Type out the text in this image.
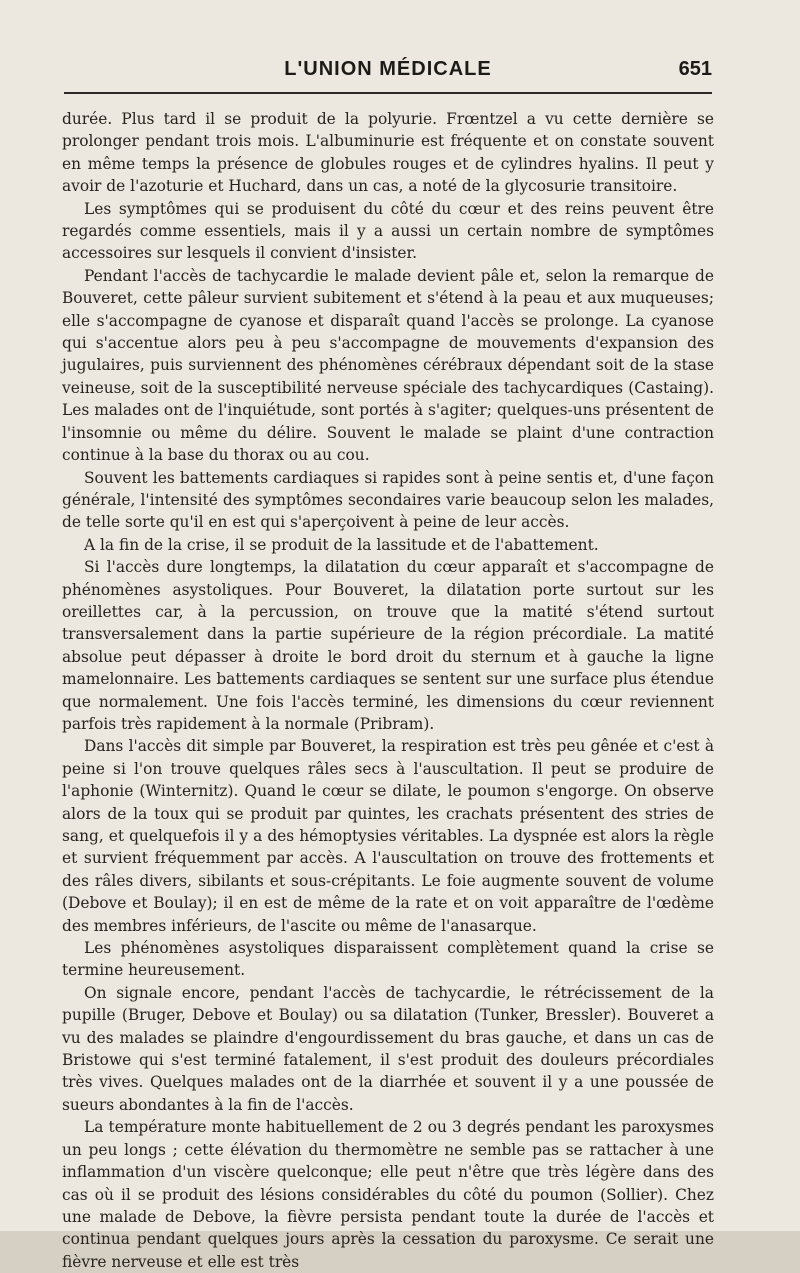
L'UNION MÉDICALE	651

durée. Plus tard il se produit de la polyurie. Frœntzel a vu cette dernière se prolonger pendant trois mois. L'albuminurie est fréquente et on constate souvent en même temps la présence de globules rouges et de cylindres hyalins. Il peut y avoir de l'azoturie et Huchard, dans un cas, a noté de la glycosurie transitoire.

Les symptômes qui se produisent du côté du cœur et des reins peuvent être regardés comme essentiels, mais il y a aussi un certain nombre de symptômes accessoires sur lesquels il convient d'insister.

Pendant l'accès de tachycardie le malade devient pâle et, selon la remarque de Bouveret, cette pâleur survient subitement et s'étend à la peau et aux muqueuses; elle s'accompagne de cyanose et disparaît quand l'accès se prolonge. La cyanose qui s'accentue alors peu à peu s'accompagne de mouvements d'expansion des jugulaires, puis surviennent des phénomènes cérébraux dépendant soit de la stase veineuse, soit de la susceptibilité nerveuse spéciale des tachycardiques (Castaing). Les malades ont de l'inquiétude, sont portés à s'agiter; quelques-uns présentent de l'insomnie ou même du délire. Souvent le malade se plaint d'une contraction continue à la base du thorax ou au cou.

Souvent les battements cardiaques si rapides sont à peine sentis et, d'une façon générale, l'intensité des symptômes secondaires varie beaucoup selon les malades, de telle sorte qu'il en est qui s'aperçoivent à peine de leur accès.

A la fin de la crise, il se produit de la lassitude et de l'abattement.

Si l'accès dure longtemps, la dilatation du cœur apparaît et s'accompagne de phénomènes asystoliques. Pour Bouveret, la dilatation porte surtout sur les oreillettes car, à la percussion, on trouve que la matité s'étend surtout transversalement dans la partie supérieure de la région précordiale. La matité absolue peut dépasser à droite le bord droit du sternum et à gauche la ligne mamelonnaire. Les battements cardiaques se sentent sur une surface plus étendue que normalement. Une fois l'accès terminé, les dimensions du cœur reviennent parfois très rapidement à la normale (Pribram).

Dans l'accès dit simple par Bouveret, la respiration est très peu gênée et c'est à peine si l'on trouve quelques râles secs à l'auscultation. Il peut se produire de l'aphonie (Winternitz). Quand le cœur se dilate, le poumon s'engorge. On observe alors de la toux qui se produit par quintes, les crachats présentent des stries de sang, et quelquefois il y a des hémoptysies véritables. La dyspnée est alors la règle et survient fréquemment par accès. A l'auscultation on trouve des frottements et des râles divers, sibilants et sous-crépitants. Le foie augmente souvent de volume (Debove et Boulay); il en est de même de la rate et on voit apparaître de l'œdème des membres inférieurs, de l'ascite ou même de l'anasarque.

Les phénomènes asystoliques disparaissent complètement quand la crise se termine heureusement.

On signale encore, pendant l'accès de tachycardie, le rétrécissement de la pupille (Bruger, Debove et Boulay) ou sa dilatation (Tunker, Bressler). Bouveret a vu des malades se plaindre d'engourdissement du bras gauche, et dans un cas de Bristowe qui s'est terminé fatalement, il s'est produit des douleurs précordiales très vives. Quelques malades ont de la diarrhée et souvent il y a une poussée de sueurs abondantes à la fin de l'accès.

La température monte habituellement de 2 ou 3 degrés pendant les paroxysmes un peu longs ; cette élévation du thermomètre ne semble pas se rattacher à une inflammation d'un viscère quelconque; elle peut n'être que très légère dans des cas où il se produit des lésions considérables du côté du poumon (Sollier). Chez une malade de Debove, la fièvre persista pendant toute la durée de l'accès et continua pendant quelques jours après la cessation du paroxysme. Ce serait une fièvre nerveuse et elle est très
